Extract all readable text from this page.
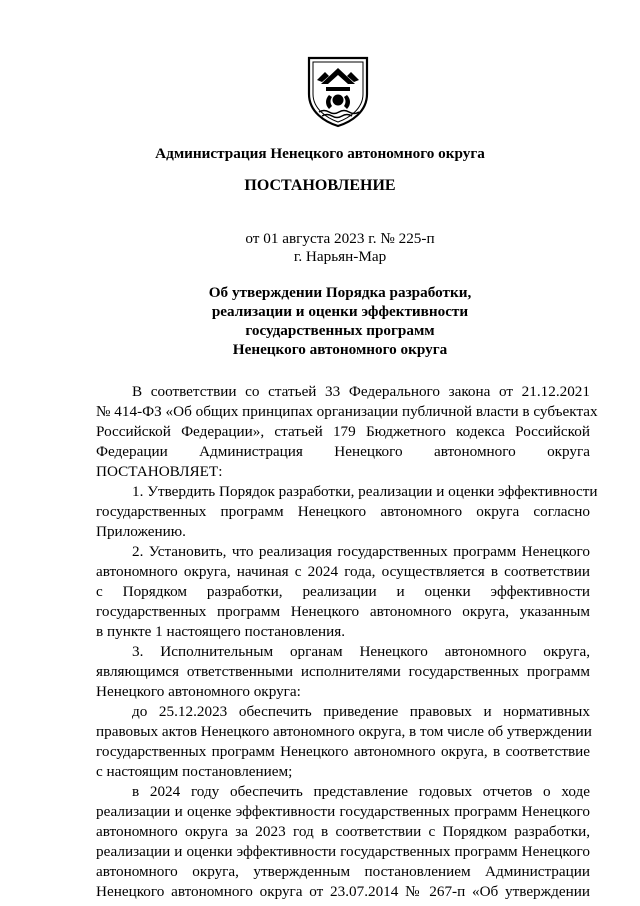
Администрация Ненецкого автономного округа
ПОСТАНОВЛЕНИЕ
от 01 августа 2023 г. № 225-п
г. Нарьян-Мар
Об утверждении Порядка разработки,
реализации и оценки эффективности
государственных программ
Ненецкого автономного округа
В соответствии со статьей 33 Федерального закона от 21.12.2021
№ 414-ФЗ «Об общих принципах организации публичной власти в субъектах
Российской Федерации», статьей 179 Бюджетного кодекса Российской
Федерации Администрация Ненецкого автономного округа
ПОСТАНОВЛЯЕТ:
1. Утвердить Порядок разработки, реализации и оценки эффективности
государственных программ Ненецкого автономного округа согласно
Приложению.
2. Установить, что реализация государственных программ Ненецкого
автономного округа, начиная с 2024 года, осуществляется в соответствии
с Порядком разработки, реализации и оценки эффективности
государственных программ Ненецкого автономного округа, указанным
в пункте 1 настоящего постановления.
3. Исполнительным органам Ненецкого автономного округа,
являющимся ответственными исполнителями государственных программ
Ненецкого автономного округа:
до 25.12.2023 обеспечить приведение правовых и нормативных
правовых актов Ненецкого автономного округа, в том числе об утверждении
государственных программ Ненецкого автономного округа, в соответствие
с настоящим постановлением;
в 2024 году обеспечить представление годовых отчетов о ходе
реализации и оценке эффективности государственных программ Ненецкого
автономного округа за 2023 год в соответствии с Порядком разработки,
реализации и оценки эффективности государственных программ Ненецкого
автономного округа, утвержденным постановлением Администрации
Ненецкого автономного округа от 23.07.2014 № 267-п «Об утверждении
